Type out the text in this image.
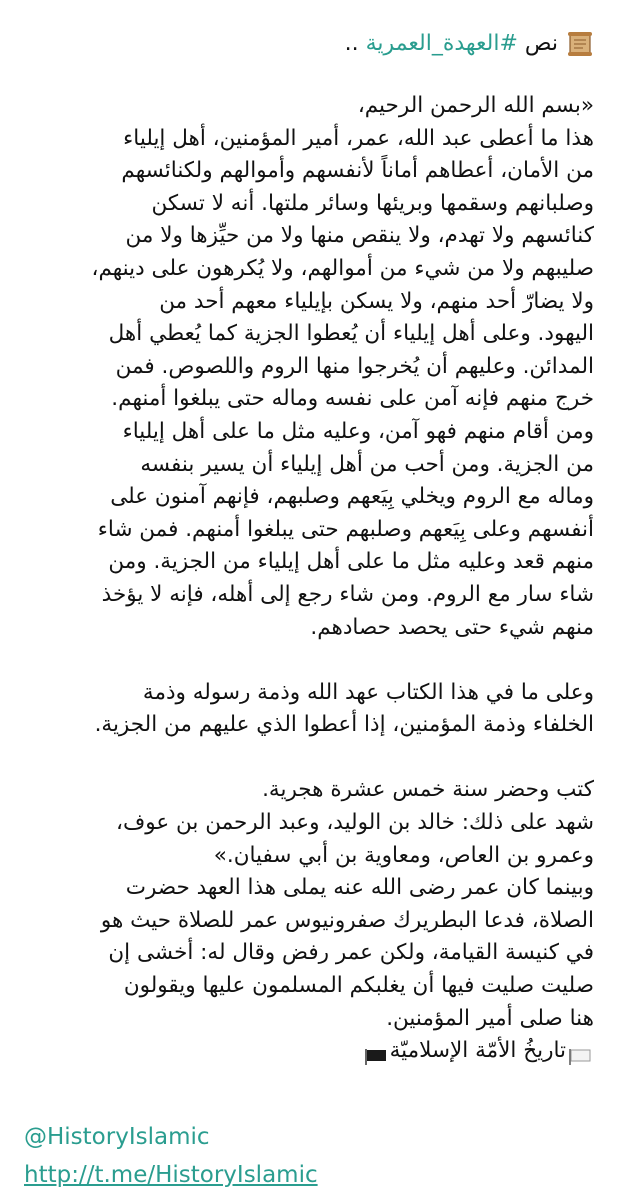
نص #العهدة_العمرية ..
«بسم الله الرحمن الرحيم،
هذا ما أعطى عبد الله، عمر، أمير المؤمنين، أهل إيلياء
من الأمان، أعطاهم أماناً لأنفسهم وأموالهم ولكنائسهم
وصلبانهم وسقمها وبريئها وسائر ملتها. أنه لا تسكن
كنائسهم ولا تهدم، ولا ينقص منها ولا من حيِّزها ولا من
صليبهم ولا من شيء من أموالهم، ولا يُكرهون على دينهم،
ولا يضارّ أحد منهم، ولا يسكن بإيلياء معهم أحد من
اليهود. وعلى أهل إيلياء أن يُعطوا الجزية كما يُعطي أهل
المدائن. وعليهم أن يُخرجوا منها الروم واللصوص. فمن
خرج منهم فإنه آمن على نفسه وماله حتى يبلغوا أمنهم.
ومن أقام منهم فهو آمن، وعليه مثل ما على أهل إيلياء
من الجزية. ومن أحب من أهل إيلياء أن يسير بنفسه
وماله مع الروم ويخلي بِيَعهم وصلبهم، فإنهم آمنون على
أنفسهم وعلى بِيَعهم وصلبهم حتى يبلغوا أمنهم. فمن شاء
منهم قعد وعليه مثل ما على أهل إيلياء من الجزية. ومن
شاء سار مع الروم. ومن شاء رجع إلى أهله، فإنه لا يؤخذ
منهم شيء حتى يحصد حصادهم.
وعلى ما في هذا الكتاب عهد الله وذمة رسوله وذمة
الخلفاء وذمة المؤمنين، إذا أعطوا الذي عليهم من الجزية.
كتب وحضر سنة خمس عشرة هجرية.
شهد على ذلك: خالد بن الوليد، وعبد الرحمن بن عوف،
وعمرو بن العاص، ومعاوية بن أبي سفيان.»
وبينما كان عمر رضى الله عنه يملى هذا العهد حضرت
الصلاة، فدعا البطريرك صفرونيوس عمر للصلاة حيث هو
في كنيسة القيامة، ولكن عمر رفض وقال له: أخشى إن
صليت صليت فيها أن يغلبكم المسلمون عليها ويقولون
هنا صلى أمير المؤمنين.
تاريخُ الأمّة الإسلاميّة
@HistoryIslamic
http://t.me/HistoryIslamic
